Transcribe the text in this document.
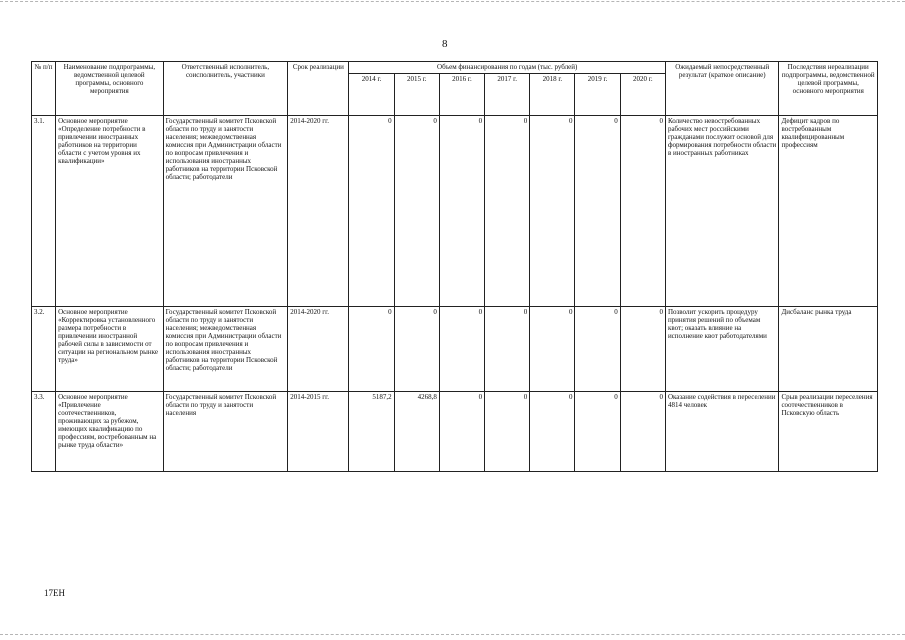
8
№ п/п	Наименование подпрограммы, ведомственной целевой программы, основного мероприятия	Ответственный исполнитель, соисполнитель, участники	Срок реализации	Объем финансирования по годам (тыс. рублей)							Ожидаемый непосредственный результат (краткое описание)	Последствия нереализации подпрограммы, ведомственной целевой программы, основного мероприятия
				2014 г.	2015 г.	2016 г.	2017 г.	2018 г.	2019 г.	2020 г.		
3.1.	Основное мероприятие «Определение потребности в привлечении иностранных работников на территории области с учетом уровня их квалификации»	Государственный комитет Псковской области по труду и занятости населения; межведомственная комиссия при Администрации области по вопросам привлечения и использования иностранных работников на территории Псковской области; работодатели	2014-2020 гг.	0	0	0	0	0	0	0	Количество невостребованных рабочих мест российскими гражданами послужит основой для формирования потребности области в иностранных работниках	Дефицит кадров по востребованным квалифицированным профессиям
3.2.	Основное мероприятие «Корректировка установленного размера потребности в привлечении иностранной рабочей силы в зависимости от ситуации на региональном рынке труда»	Государственный комитет Псковской области по труду и занятости населения; межведомственная комиссия при Администрации области по вопросам привлечения и использования иностранных работников на территории Псковской области; работодатели	2014-2020 гг.	0	0	0	0	0	0	0	Позволит ускорить процедуру принятия решений по объемам квот; оказать влияние на исполнение квот работодателями	Дисбаланс рынка труда
3.3.	Основное мероприятие «Привлечение соотечественников, проживающих за рубежом, имеющих квалификацию по профессиям, востребованным на рынке труда области»	Государственный комитет Псковской области по труду и занятости населения	2014-2015 гг.	5187,2	4268,8	0	0	0	0	0	Оказание содействия в переселении 4814 человек	Срыв реализации переселения соотечественников в Псковскую область
17ЕН
